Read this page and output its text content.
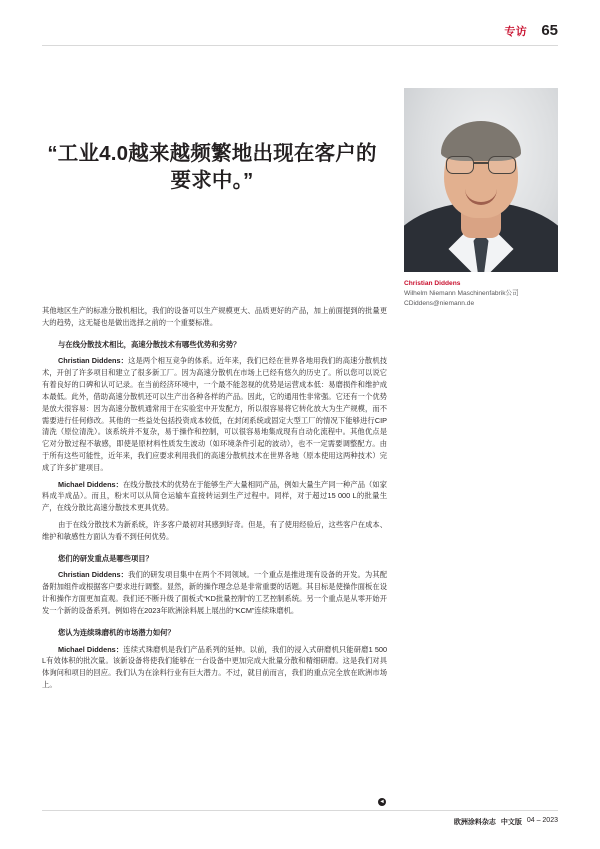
专访 65
Christian Diddens
Wilhelm Niemann Maschinenfabrik公司
CDiddens@niemann.de
“工业4.0越来越频繁地出现在客户的要求中。”

其他地区生产的标准分散机相比，我们的设备可以生产规模更大、品质更好的产品，加上前面提到的批量更大的趋势，这无疑也是做出选择之前的一个重要标准。

与在线分散技术相比，高速分散技术有哪些优势和劣势？

Christian Diddens：这是两个相互竞争的体系。近年来，我们已经在世界各地用我们的高速分散机技术，开创了许多项目和建立了很多新工厂。因为高速分散机在市场上已经有悠久的历史了。所以您可以说它有着良好的口碑和认可记录。在当前经济环境中，一个最不能忽视的优势是运营成本低：易磨损件和维护成本最低。此外，借助高速分散机还可以生产出各种各样的产品。因此，它的通用性非常强。它还有一个优势是放大很容易：因为高速分散机通常用于在实验室中开发配方，所以很容易将它转化放大为生产规模，而不需要进行任何修改。其他的一些益处包括投资成本较低，在封闭系统或固定大型工厂的情况下能够进行CIP清洗（原位清洗）。该系统并不复杂，易于操作和控制，可以很容易地集成现有自动化流程中。其他优点是它对分散过程不敏感，即使是原材料性质发生波动（如环境条件引起的波动），也不一定需要调整配方。由于所有这些可能性，近年来，我们应要求利用我们的高速分散机技术在世界各地（原本使用这两种技术）完成了许多扩建项目。

Michael Diddens：在线分散技术的优势在于能够生产大量相同产品，例如大量生产同一种产品（如家料成半成品）。而且，粉末可以从简仓运输车直接转运到生产过程中。同样，对于超过15 000 L的批量生产，在线分散比高速分散技术更具优势。

由于在线分散技术为新系统，许多客户最初对其感到好奇。但是，有了使用经验后，这些客户在成本、维护和敏感性方面认为看不到任何优势。

您们的研发重点是哪些项目？

Christian Diddens：我们的研发项目集中在两个不同领域。一个重点是推进现有设备的开发。为其配备附加组件或根据客户要求进行调整。显然，新的操作理念总是非常重要的话题。其目标是使操作面板在设计和操作方面更加直观。我们还不断升级了面板式“KD批量控制”的工艺控制系统。另一个重点是从零开始开发一个新的设备系列。例如将在2023年欧洲涂料展上展出的“KCM”连续珠磨机。

您认为连续珠磨机的市场潜力如何？

Michael Diddens：连续式珠磨机是我们产品系列的延伸。以前，我们的浸入式研磨机只能研磨1 500 L有效体积的批次量。该新设备将使我们能够在一台设备中更加完成大批量分散和精细研磨。这是我们对具体询问和项目的回应。我们认为在涂料行业有巨大潜力。不过，就目前而言，我们的重点完全放在欧洲市场上。

◄
欧洲涂料杂志 中文版 04 – 2023
